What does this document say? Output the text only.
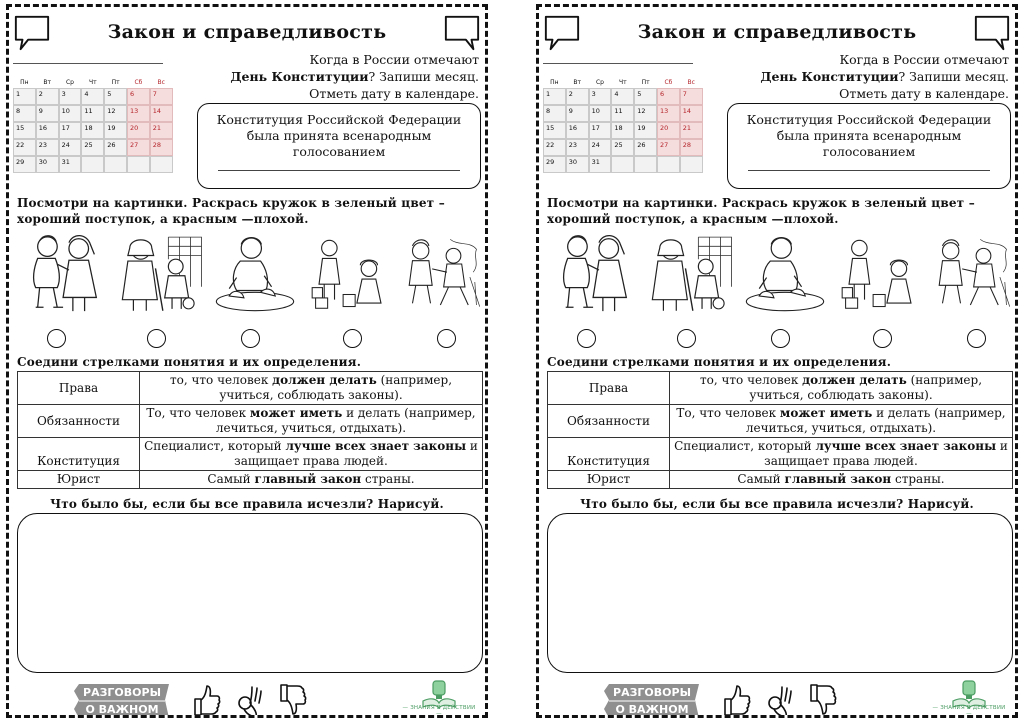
Закон и справедливость
Пн	Вт	Ср	Чт	Пт	Сб	Вс
1	2	3	4	5	6	7
8	9	10	11	12	13	14
15	16	17	18	19	20	21
22	23	24	25	26	27	28
29	30	31
Когда в России отмечают
День Конституции? Запиши месяц.
Отметь дату в календаре.
Конституция Российской Федерации была принята всенародным голосованием
Посмотри на картинки. Раскрась кружок в зеленый цвет – хороший поступок, а красным —плохой.
Соедини стрелками понятия и их определения.
Права	то, что человек должен делать (например, учиться, соблюдать законы).
Обязанности	То, что человек может иметь и делать (например, лечиться, учиться, отдыхать).
Конституция	Специалист, который лучше всех знает законы и защищает права людей.
Юрист	Самый главный закон страны.
Что было бы, если бы все правила исчезли? Нарисуй.
РАЗГОВОРЫ
О ВАЖНОМ	— ЗНАНИЯ В ДЕЙСТВИИ —
Закон и справедливость
Пн	Вт	Ср	Чт	Пт	Сб	Вс
1	2	3	4	5	6	7
8	9	10	11	12	13	14
15	16	17	18	19	20	21
22	23	24	25	26	27	28
29	30	31
Когда в России отмечают
День Конституции? Запиши месяц.
Отметь дату в календаре.
Конституция Российской Федерации была принята всенародным голосованием
Посмотри на картинки. Раскрась кружок в зеленый цвет – хороший поступок, а красным —плохой.
Соедини стрелками понятия и их определения.
Права	то, что человек должен делать (например, учиться, соблюдать законы).
Обязанности	То, что человек может иметь и делать (например, лечиться, учиться, отдыхать).
Конституция	Специалист, который лучше всех знает законы и защищает права людей.
Юрист	Самый главный закон страны.
Что было бы, если бы все правила исчезли? Нарисуй.
РАЗГОВОРЫ
О ВАЖНОМ	— ЗНАНИЯ В ДЕЙСТВИИ —
